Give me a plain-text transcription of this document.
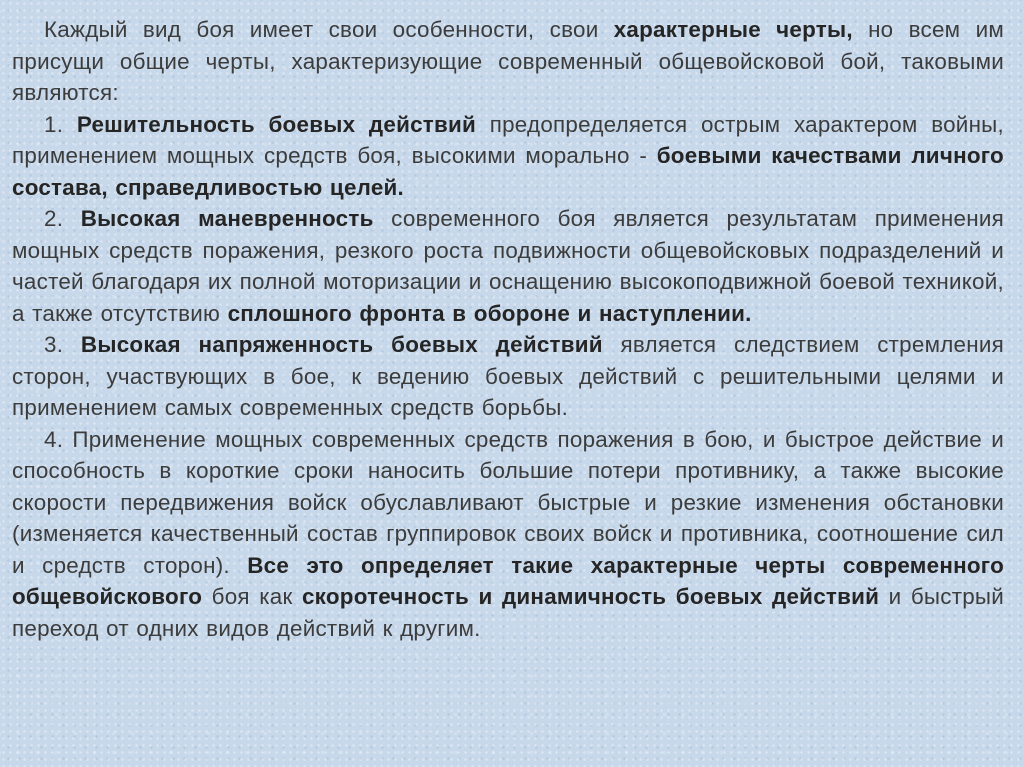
Каждый вид боя имеет свои особенности, свои характерные черты, но всем им присущи общие черты, характеризующие современный общевойсковой бой, таковыми являются:

1. Решительность боевых действий предопределяется острым характером войны, применением мощных средств боя, высокими морально - боевыми качествами личного состава, справедливостью целей.

2. Высокая маневренность современного боя является результатам применения мощных средств поражения, резкого роста подвижности общевойсковых подразделений и частей благодаря их полной моторизации и оснащению высокоподвижной боевой техникой, а также отсутствию сплошного фронта в обороне и наступлении.

3. Высокая напряженность боевых действий является следствием стремления сторон, участвующих в бое, к ведению боевых действий с решительными целями и применением самых современных средств борьбы.

4. Применение мощных современных средств поражения в бою, и быстрое действие и способность в короткие сроки наносить большие потери противнику, а также высокие скорости передвижения войск обуславливают быстрые и резкие изменения обстановки (изменяется качественный состав группировок своих войск и противника, соотношение сил и средств сторон). Все это определяет такие характерные черты современного общевойскового боя как скоротечность и динамичность боевых действий и быстрый переход от одних видов действий к другим.
